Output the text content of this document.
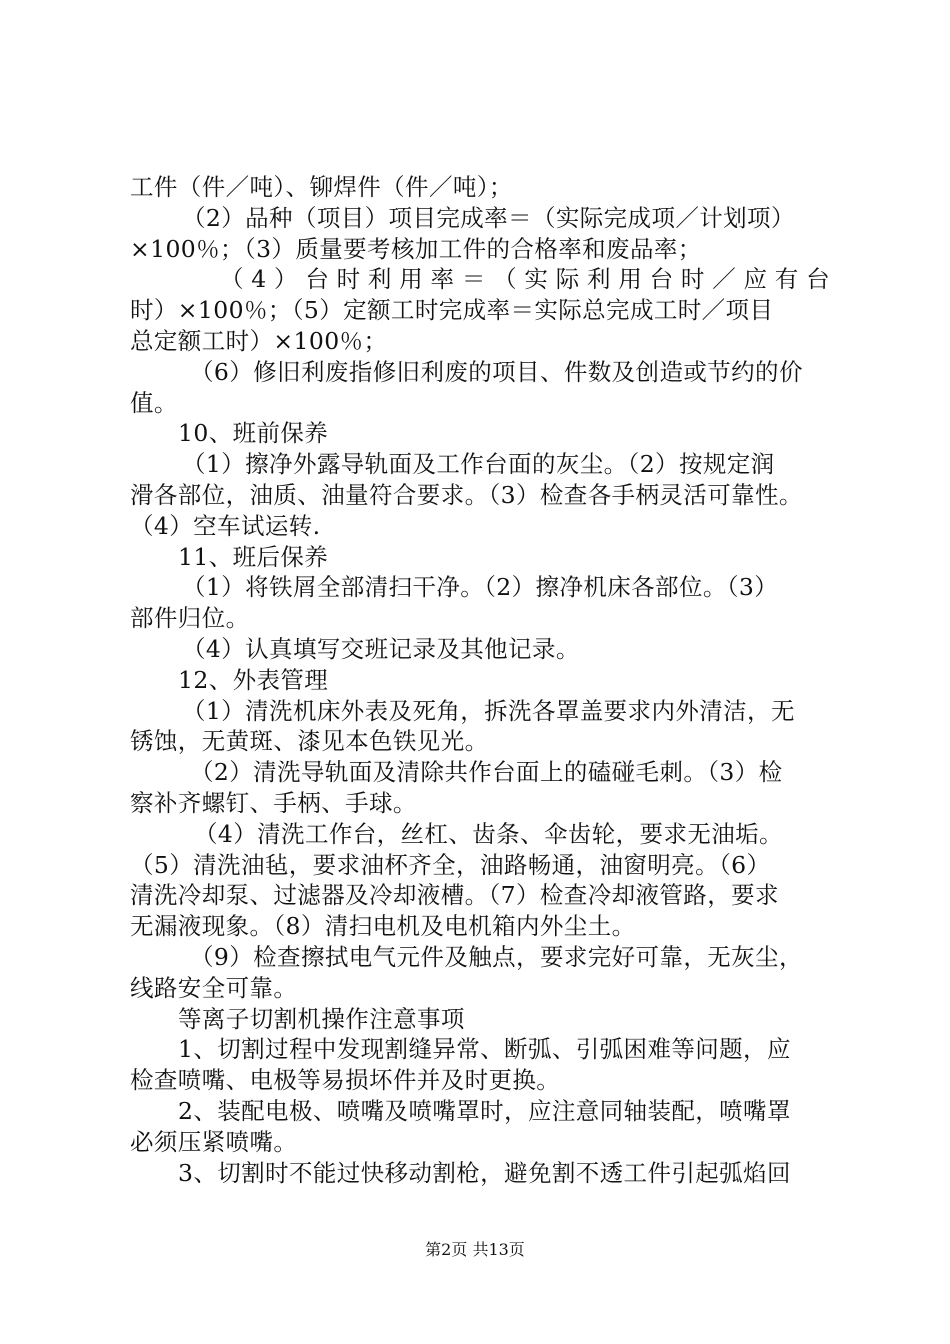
工件（件／吨）、铆焊件（件／吨）；
（2）品种（项目）项目完成率＝（实际完成项／计划项）
×100％；（3）质量要考核加工件的合格率和废品率；
（4）台时利用率＝（实际利用台时／应有台
时）×100％；（5）定额工时完成率＝实际总完成工时／项目
总定额工时）×100％；
（6）修旧利废指修旧利废的项目、件数及创造或节约的价
值。
10、班前保养
（1）擦净外露导轨面及工作台面的灰尘。（2）按规定润
滑各部位，油质、油量符合要求。（3）检查各手柄灵活可靠性。
（4）空车试运转.
11、班后保养
（1）将铁屑全部清扫干净。（2）擦净机床各部位。（3）
部件归位。
（4）认真填写交班记录及其他记录。
12、外表管理
（1）清洗机床外表及死角，拆洗各罩盖要求内外清洁，无
锈蚀，无黄斑、漆见本色铁见光。
（2）清洗导轨面及清除共作台面上的磕碰毛刺。（3）检
察补齐螺钉、手柄、手球。
（4）清洗工作台，丝杠、齿条、伞齿轮，要求无油垢。
（5）清洗油毡，要求油杯齐全，油路畅通，油窗明亮。（6）
清洗冷却泵、过滤器及冷却液槽。（7）检查冷却液管路，要求
无漏液现象。（8）清扫电机及电机箱内外尘土。
（9）检查擦拭电气元件及触点，要求完好可靠，无灰尘，
线路安全可靠。
等离子切割机操作注意事项
1、切割过程中发现割缝异常、断弧、引弧困难等问题，应
检查喷嘴、电极等易损坏件并及时更换。
2、装配电极、喷嘴及喷嘴罩时，应注意同轴装配，喷嘴罩
必须压紧喷嘴。
3、切割时不能过快移动割枪，避免割不透工件引起弧焰回
第2页 共13页
